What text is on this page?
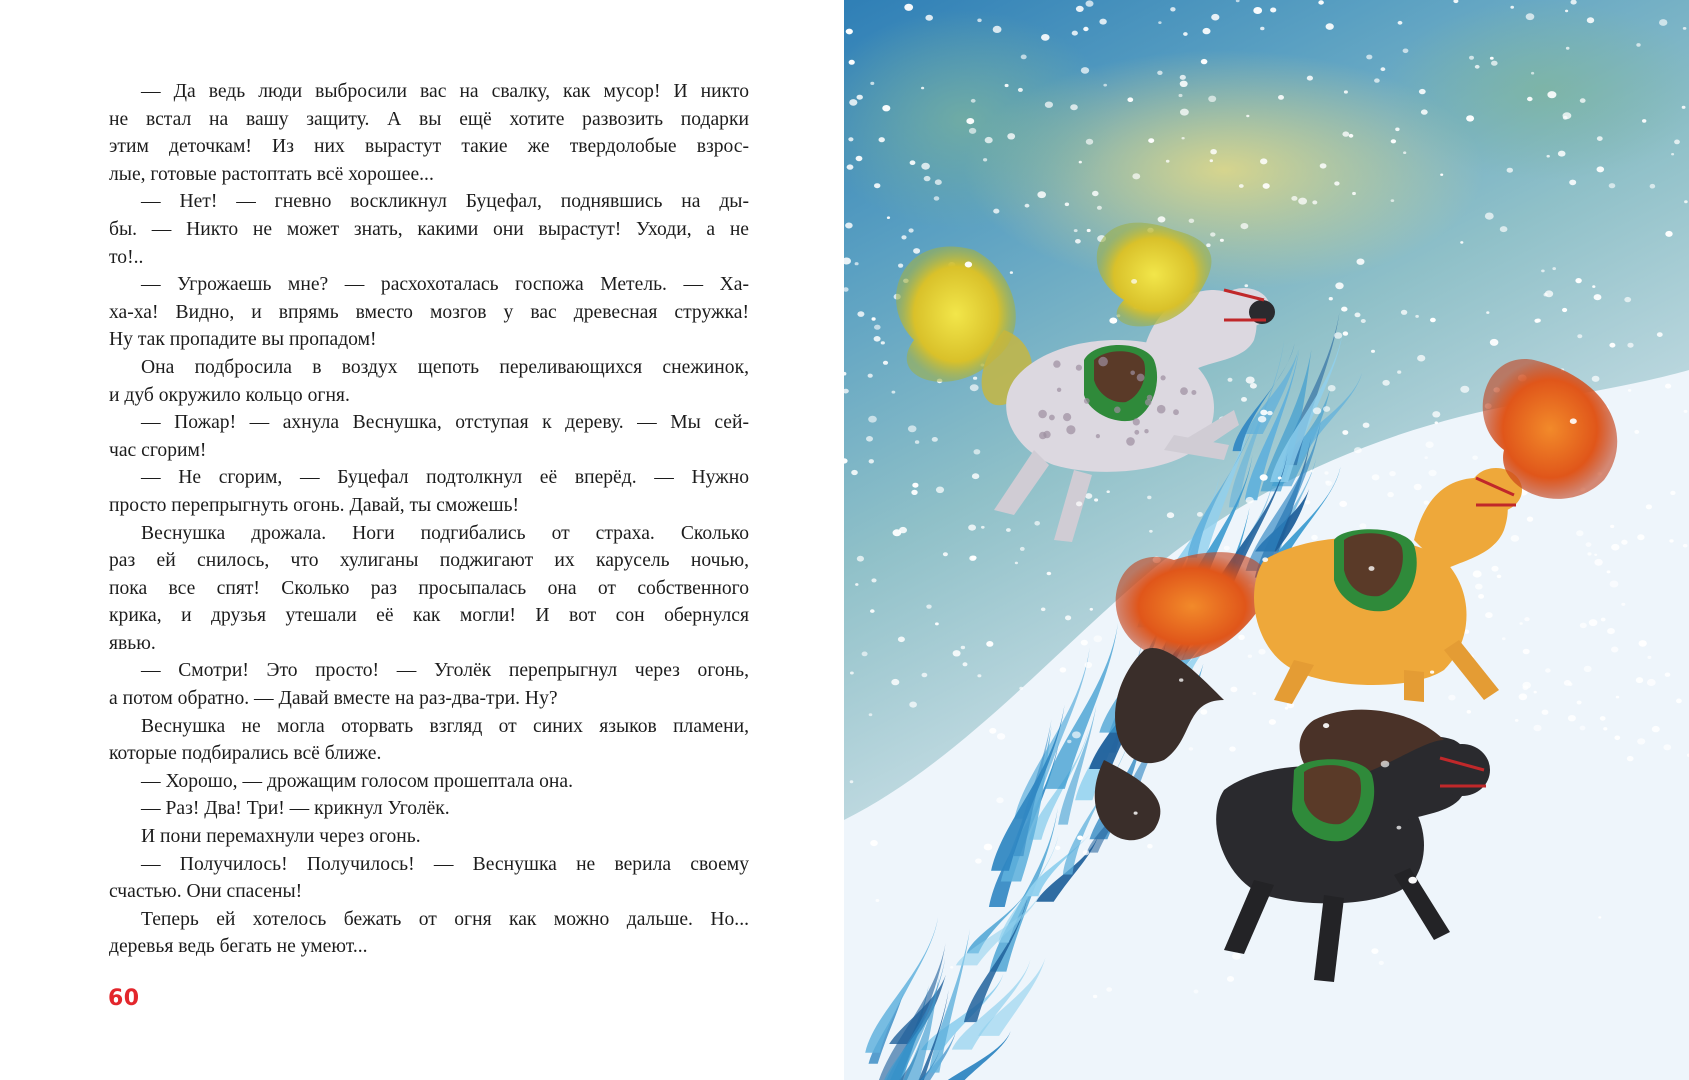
— Да ведь люди выбросили вас на свалку, как мусор! И никто
не встал на вашу защиту. А вы ещё хотите развозить подарки
этим деточкам! Из них вырастут такие же твердолобые взрос-
лые, готовые растоптать всё хорошее...
— Нет! — гневно воскликнул Буцефал, поднявшись на ды-
бы. — Никто не может знать, какими они вырастут! Уходи, а не
то!..
— Угрожаешь мне? — расхохоталась госпожа Метель. — Ха-
ха-ха! Видно, и впрямь вместо мозгов у вас древесная стружка!
Ну так пропадите вы пропадом!
Она подбросила в воздух щепоть переливающихся снежинок,
и дуб окружило кольцо огня.
— Пожар! — ахнула Веснушка, отступая к дереву. — Мы сей-
час сгорим!
— Не сгорим, — Буцефал подтолкнул её вперёд. — Нужно
просто перепрыгнуть огонь. Давай, ты сможешь!
Веснушка дрожала. Ноги подгибались от страха. Сколько
раз ей снилось, что хулиганы поджигают их карусель ночью,
пока все спят! Сколько раз просыпалась она от собственного
крика, и друзья утешали её как могли! И вот сон обернулся
явью.
— Смотри! Это просто! — Уголёк перепрыгнул через огонь,
а потом обратно. — Давай вместе на раз-два-три. Ну?
Веснушка не могла оторвать взгляд от синих языков пламени,
которые подбирались всё ближе.
— Хорошо, — дрожащим голосом прошептала она.
— Раз! Два! Три! — крикнул Уголёк.
И пони перемахнули через огонь.
— Получилось! Получилось! — Веснушка не верила своему
счастью. Они спасены!
Теперь ей хотелось бежать от огня как можно дальше. Но...
деревья ведь бегать не умеют...
60
